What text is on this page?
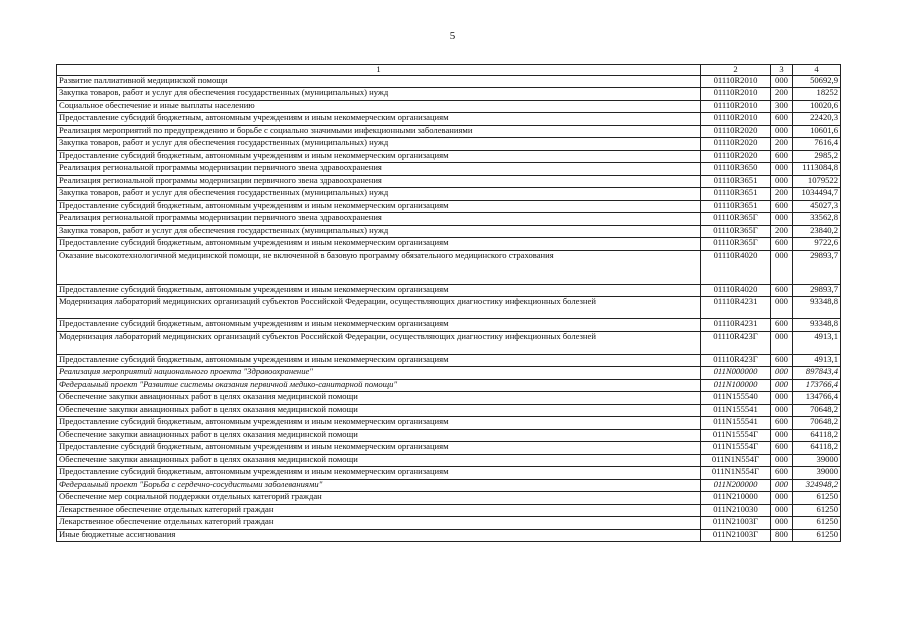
5
1	2	3	4
Развитие паллиативной медицинской помощи	01110R2010	000	50692,9
Закупка товаров, работ и услуг для обеспечения государственных (муниципальных) нужд	01110R2010	200	18252
Социальное обеспечение и иные выплаты населению	01110R2010	300	10020,6
Предоставление субсидий бюджетным, автономным учреждениям и иным некоммерческим организациям	01110R2010	600	22420,3
Реализация мероприятий по предупреждению и борьбе с социально значимыми инфекционными заболеваниями	01110R2020	000	10601,6
Закупка товаров, работ и услуг для обеспечения государственных (муниципальных) нужд	01110R2020	200	7616,4
Предоставление субсидий бюджетным, автономным учреждениям и иным некоммерческим организациям	01110R2020	600	2985,2
Реализация региональной программы модернизации первичного звена здравоохранения	01110R3650	000	1113084,8
Реализация региональной программы модернизации первичного звена здравоохранения	01110R3651	000	1079522
Закупка товаров, работ и услуг для обеспечения государственных (муниципальных) нужд	01110R3651	200	1034494,7
Предоставление субсидий бюджетным, автономным учреждениям и иным некоммерческим организациям	01110R3651	600	45027,3
Реализация региональной программы модернизации первичного звена здравоохранения	01110R365Г	000	33562,8
Закупка товаров, работ и услуг для обеспечения государственных (муниципальных) нужд	01110R365Г	200	23840,2
Предоставление субсидий бюджетным, автономным учреждениям и иным некоммерческим организациям	01110R365Г	600	9722,6
Оказание высокотехнологичной медицинской помощи, не включенной в базовую программу обязательного медицинского страхования	01110R4020	000	29893,7
Предоставление субсидий бюджетным, автономным учреждениям и иным некоммерческим организациям	01110R4020	600	29893,7
Модернизация лабораторий медицинских организаций субъектов Российской Федерации, осуществляющих диагностику инфекционных болезней	01110R4231	000	93348,8
Предоставление субсидий бюджетным, автономным учреждениям и иным некоммерческим организациям	01110R4231	600	93348,8
Модернизация лабораторий медицинских организаций субъектов Российской Федерации, осуществляющих диагностику инфекционных болезней	01110R423Г	000	4913,1
Предоставление субсидий бюджетным, автономным учреждениям и иным некоммерческим организациям	01110R423Г	600	4913,1
Реализация мероприятий национального проекта "Здравоохранение"	011N000000	000	897843,4
Федеральный проект "Развитие системы оказания первичной медико-санитарной помощи"	011N100000	000	173766,4
Обеспечение закупки авиационных работ в целях оказания медицинской помощи	011N155540	000	134766,4
Обеспечение закупки авиационных работ в целях оказания медицинской помощи	011N155541	000	70648,2
Предоставление субсидий бюджетным, автономным учреждениям и иным некоммерческим организациям	011N155541	600	70648,2
Обеспечение закупки авиационных работ в целях оказания медицинской помощи	011N15554Г	000	64118,2
Предоставление субсидий бюджетным, автономным учреждениям и иным некоммерческим организациям	011N15554Г	600	64118,2
Обеспечение закупки авиационных работ в целях оказания медицинской помощи	011N1N554Г	000	39000
Предоставление субсидий бюджетным, автономным учреждениям и иным некоммерческим организациям	011N1N554Г	600	39000
Федеральный проект "Борьба с сердечно-сосудистыми заболеваниями"	011N200000	000	324948,2
Обеспечение мер социальной поддержки отдельных категорий граждан	011N210000	000	61250
Лекарственное обеспечение отдельных категорий граждан	011N210030	000	61250
Лекарственное обеспечение отдельных категорий граждан	011N21003Г	000	61250
Иные бюджетные ассигнования	011N21003Г	800	61250
